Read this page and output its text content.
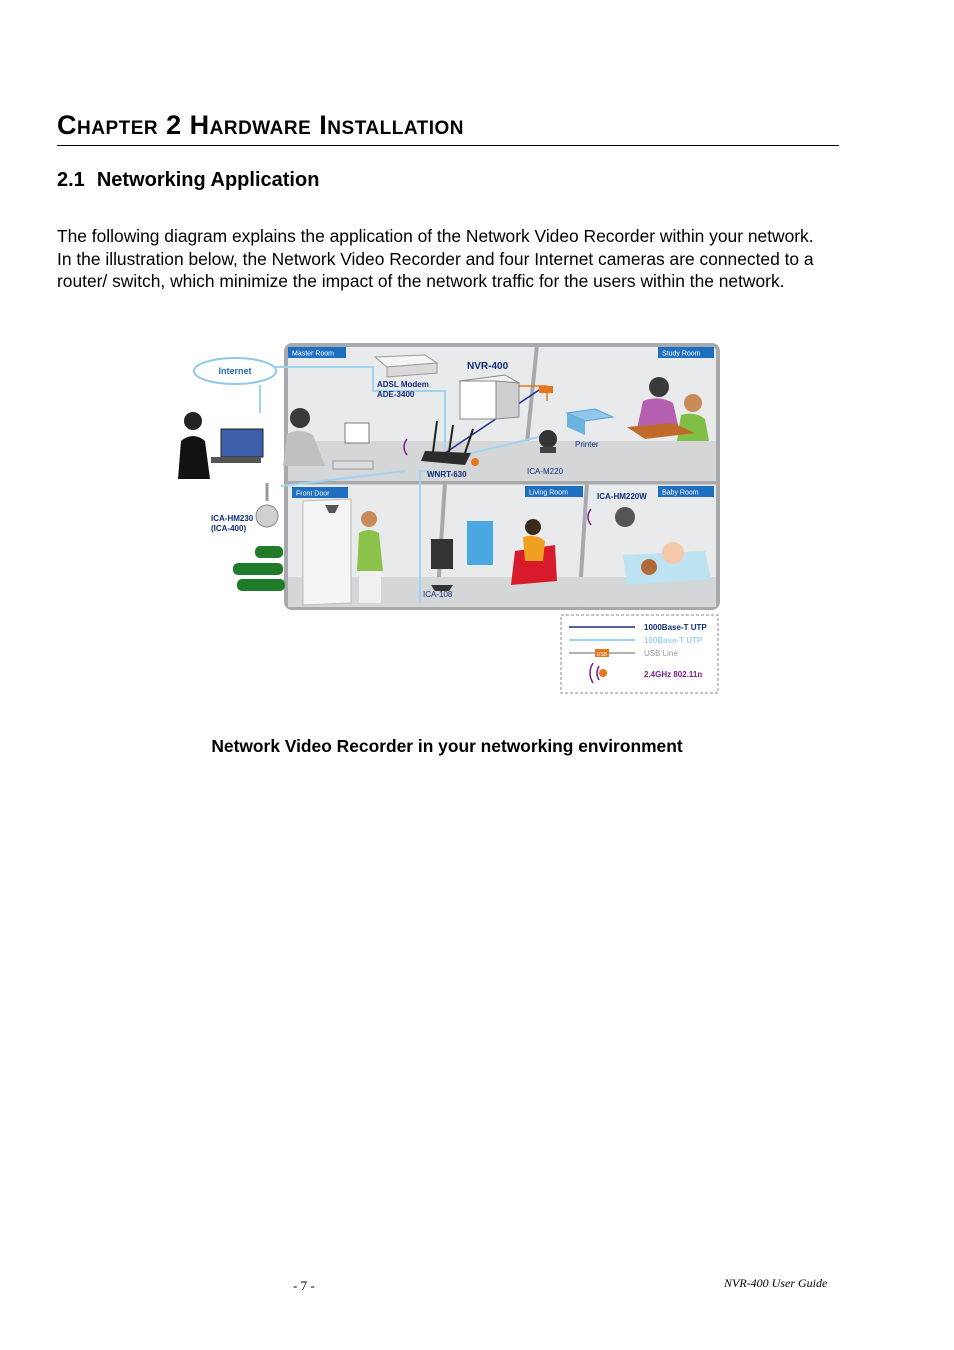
Chapter 2 Hardware Installation
2.1 Networking Application

The following diagram explains the application of the Network Video Recorder within your network. In the illustration below, the Network Video Recorder and four Internet cameras are connected to a router/ switch, which minimize the impact of the network traffic for the users within the network.

Master Room	Study Room
Front Door	Living Room	Baby Room
Internet
ADSL Modem
ADE-3400
WNRT-630
NVR-400
Printer
ICA-M220
ICA-HM230
(ICA-400)
ICA-108
ICA-HM220W
1000Base-T UTP
100Base-T UTP
USB	USB Line
2.4GHz 802.11n
Network Video Recorder in your networking environment
- 7 -	NVR-400 User Guide
